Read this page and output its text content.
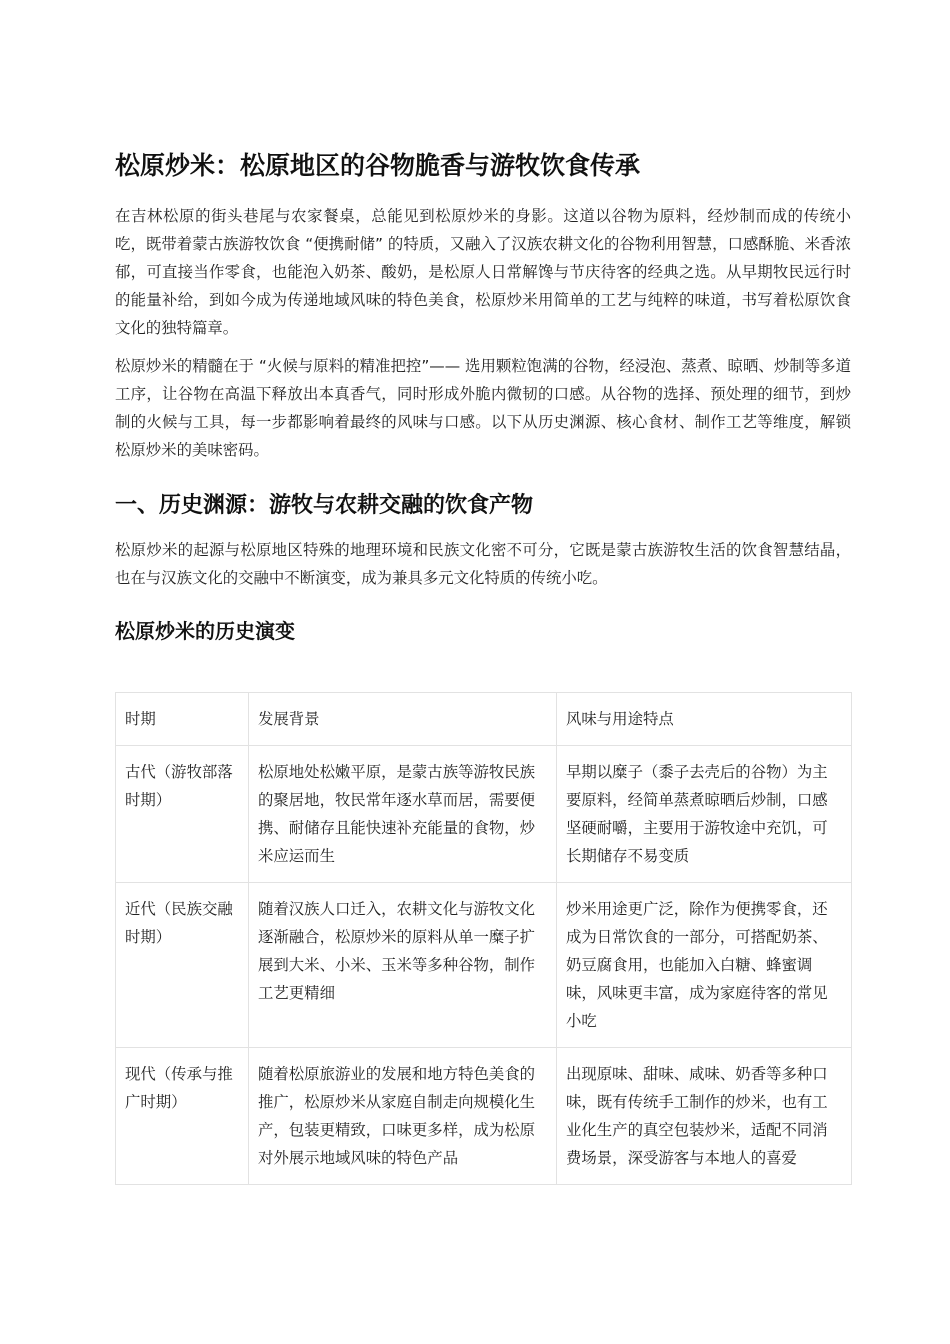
松原炒米：松原地区的谷物脆香与游牧饮食传承

在吉林松原的街头巷尾与农家餐桌，总能见到松原炒米的身影。这道以谷物为原料，经炒制而成的传统小吃，既带着蒙古族游牧饮食 “便携耐储” 的特质，又融入了汉族农耕文化的谷物利用智慧，口感酥脆、米香浓郁，可直接当作零食，也能泡入奶茶、酸奶，是松原人日常解馋与节庆待客的经典之选。从早期牧民远行时的能量补给，到如今成为传递地域风味的特色美食，松原炒米用简单的工艺与纯粹的味道，书写着松原饮食文化的独特篇章。

松原炒米的精髓在于 “火候与原料的精准把控”—— 选用颗粒饱满的谷物，经浸泡、蒸煮、晾晒、炒制等多道工序，让谷物在高温下释放出本真香气，同时形成外脆内微韧的口感。从谷物的选择、预处理的细节，到炒制的火候与工具，每一步都影响着最终的风味与口感。以下从历史渊源、核心食材、制作工艺等维度，解锁松原炒米的美味密码。

一、历史渊源：游牧与农耕交融的饮食产物

松原炒米的起源与松原地区特殊的地理环境和民族文化密不可分，它既是蒙古族游牧生活的饮食智慧结晶，也在与汉族文化的交融中不断演变，成为兼具多元文化特质的传统小吃。

松原炒米的历史演变
时期	发展背景	风味与用途特点
古代（游牧部落时期）	松原地处松嫩平原，是蒙古族等游牧民族的聚居地，牧民常年逐水草而居，需要便携、耐储存且能快速补充能量的食物，炒米应运而生	早期以糜子（黍子去壳后的谷物）为主要原料，经简单蒸煮晾晒后炒制，口感坚硬耐嚼，主要用于游牧途中充饥，可长期储存不易变质
近代（民族交融时期）	随着汉族人口迁入，农耕文化与游牧文化逐渐融合，松原炒米的原料从单一糜子扩展到大米、小米、玉米等多种谷物，制作工艺更精细	炒米用途更广泛，除作为便携零食，还成为日常饮食的一部分，可搭配奶茶、奶豆腐食用，也能加入白糖、蜂蜜调味，风味更丰富，成为家庭待客的常见小吃
现代（传承与推广时期）	随着松原旅游业的发展和地方特色美食的推广，松原炒米从家庭自制走向规模化生产，包装更精致，口味更多样，成为松原对外展示地域风味的特色产品	出现原味、甜味、咸味、奶香等多种口味，既有传统手工制作的炒米，也有工业化生产的真空包装炒米，适配不同消费场景，深受游客与本地人的喜爱
